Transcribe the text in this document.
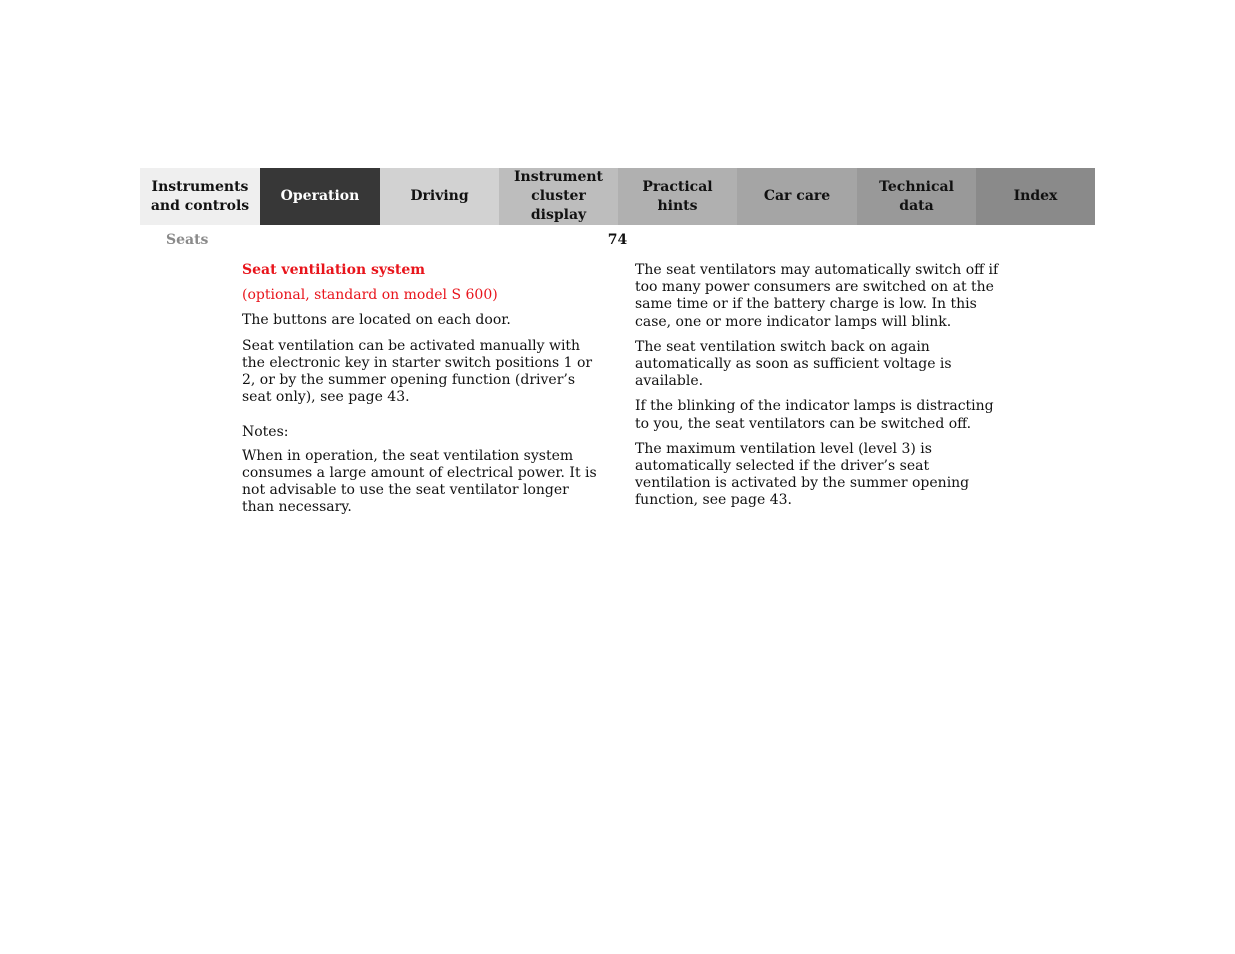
Instruments
and controls
Operation	Driving
Instrument
cluster display
Practical hints
Car care
Technical
data
Index
Seats	74

Seat ventilation system

(optional, standard on model S 600)

The buttons are located on each door.

Seat ventilation can be activated manually with the electronic key in starter switch positions 1 or 2, or by the summer opening function (driver’s seat only), see page 43.

Notes:

When in operation, the seat ventilation system consumes a large amount of electrical power. It is not advisable to use the seat ventilator longer than necessary.

The seat ventilators may automatically switch off if too many power consumers are switched on at the same time or if the battery charge is low. In this case, one or more indicator lamps will blink.

The seat ventilation switch back on again automatically as soon as sufficient voltage is available.

If the blinking of the indicator lamps is distracting to you, the seat ventilators can be switched off.

The maximum ventilation level (level 3) is automatically selected if the driver’s seat ventilation is activated by the summer opening function, see page 43.
